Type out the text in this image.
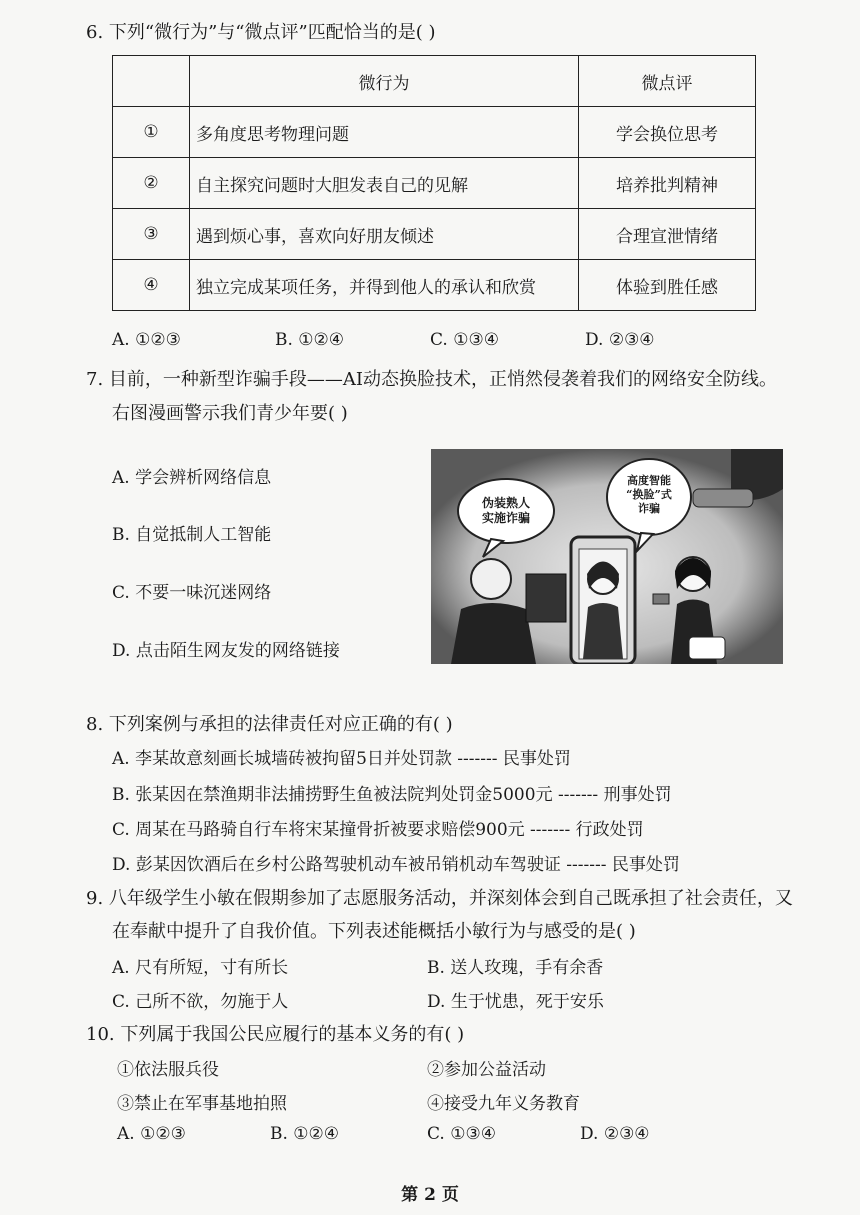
6. 下列“微行为”与“微点评”匹配恰当的是( )
	微行为	微点评
①	多角度思考物理问题	学会换位思考
②	自主探究问题时大胆发表自己的见解	培养批判精神
③	遇到烦心事，喜欢向好朋友倾述	合理宣泄情绪
④	独立完成某项任务，并得到他人的承认和欣赏	体验到胜任感
A. ①②③	B. ①②④	C. ①③④	D. ②③④
7. 目前，一种新型诈骗手段——AI动态换脸技术，正悄然侵袭着我们的网络安全防线。
右图漫画警示我们青少年要( )
A. 学会辨析网络信息
B. 自觉抵制人工智能
C. 不要一味沉迷网络
D. 点击陌生网友发的网络链接
伪装熟人
实施诈骗
高度智能
“换脸”式
诈骗
8. 下列案例与承担的法律责任对应正确的有( )
A. 李某故意刻画长城墙砖被拘留5日并处罚款 ------- 民事处罚
B. 张某因在禁渔期非法捕捞野生鱼被法院判处罚金5000元 ------- 刑事处罚
C. 周某在马路骑自行车将宋某撞骨折被要求赔偿900元 ------- 行政处罚
D. 彭某因饮酒后在乡村公路驾驶机动车被吊销机动车驾驶证 ------- 民事处罚
9. 八年级学生小敏在假期参加了志愿服务活动，并深刻体会到自己既承担了社会责任，又
在奉献中提升了自我价值。下列表述能概括小敏行为与感受的是( )
A. 尺有所短，寸有所长	B. 送人玫瑰，手有余香
C. 己所不欲，勿施于人	D. 生于忧患，死于安乐
10. 下列属于我国公民应履行的基本义务的有( )
①依法服兵役	②参加公益活动
③禁止在军事基地拍照	④接受九年义务教育
A. ①②③	B. ①②④	C. ①③④	D. ②③④
第 2 页
